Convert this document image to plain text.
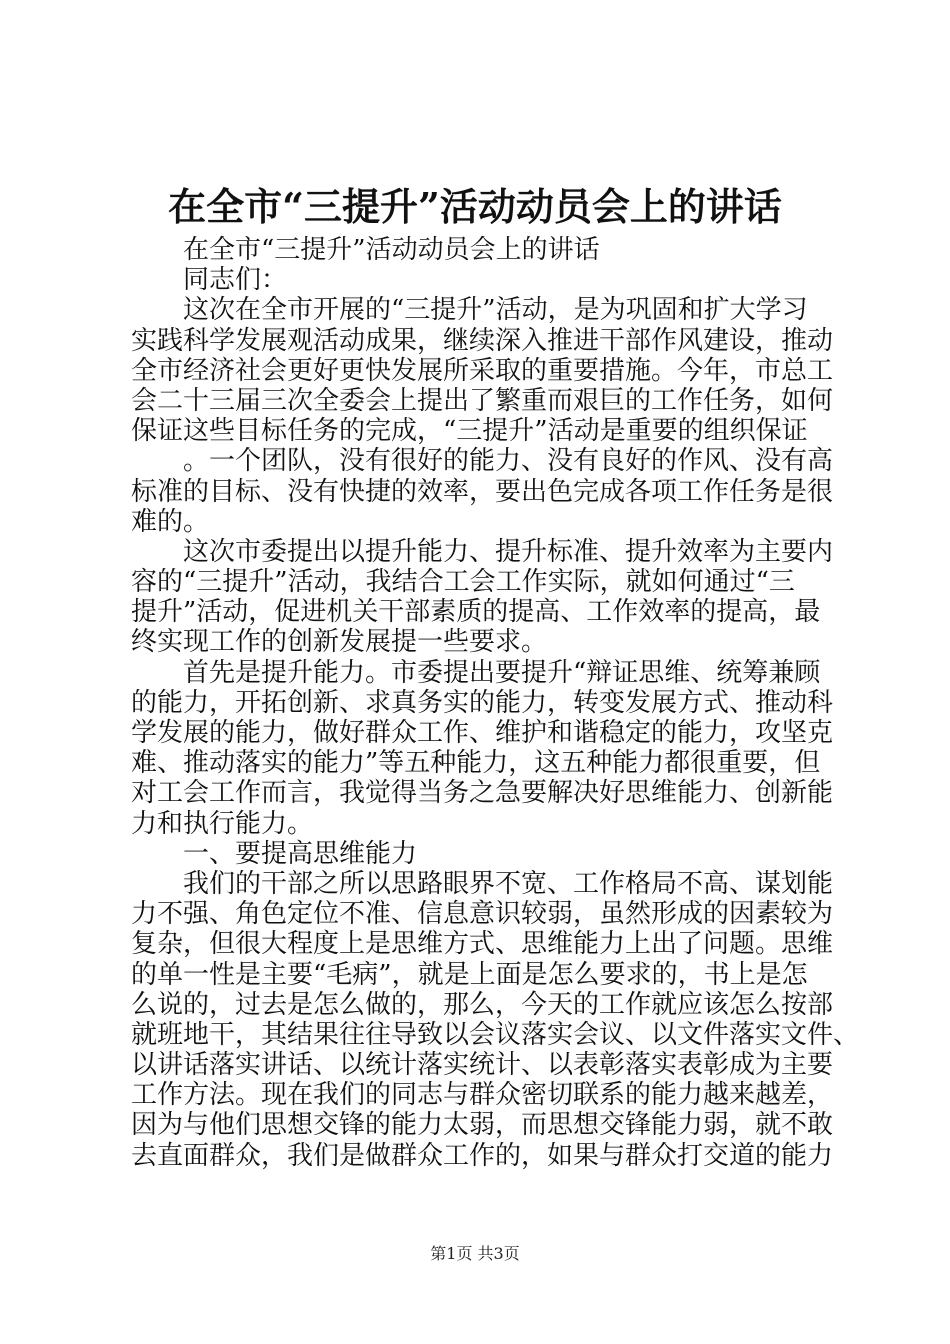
在全市“三提升”活动动员会上的讲话
在全市“三提升”活动动员会上的讲话
同志们：
这次在全市开展的“三提升”活动，是为巩固和扩大学习
实践科学发展观活动成果，继续深入推进干部作风建设，推动
全市经济社会更好更快发展所采取的重要措施。今年，市总工
会二十三届三次全委会上提出了繁重而艰巨的工作任务，如何
保证这些目标任务的完成，“三提升”活动是重要的组织保证
。一个团队，没有很好的能力、没有良好的作风、没有高
标准的目标、没有快捷的效率，要出色完成各项工作任务是很
难的。
这次市委提出以提升能力、提升标准、提升效率为主要内
容的“三提升”活动，我结合工会工作实际，就如何通过“三
提升”活动，促进机关干部素质的提高、工作效率的提高，最
终实现工作的创新发展提一些要求。
首先是提升能力。市委提出要提升“辩证思维、统筹兼顾
的能力，开拓创新、求真务实的能力，转变发展方式、推动科
学发展的能力，做好群众工作、维护和谐稳定的能力，攻坚克
难、推动落实的能力”等五种能力，这五种能力都很重要，但
对工会工作而言，我觉得当务之急要解决好思维能力、创新能
力和执行能力。
一、要提高思维能力
我们的干部之所以思路眼界不宽、工作格局不高、谋划能
力不强、角色定位不准、信息意识较弱，虽然形成的因素较为
复杂，但很大程度上是思维方式、思维能力上出了问题。思维
的单一性是主要“毛病”，就是上面是怎么要求的，书上是怎
么说的，过去是怎么做的，那么，今天的工作就应该怎么按部
就班地干，其结果往往导致以会议落实会议、以文件落实文件、
以讲话落实讲话、以统计落实统计、以表彰落实表彰成为主要
工作方法。现在我们的同志与群众密切联系的能力越来越差，
因为与他们思想交锋的能力太弱，而思想交锋能力弱，就不敢
去直面群众，我们是做群众工作的，如果与群众打交道的能力
第1页 共3页
